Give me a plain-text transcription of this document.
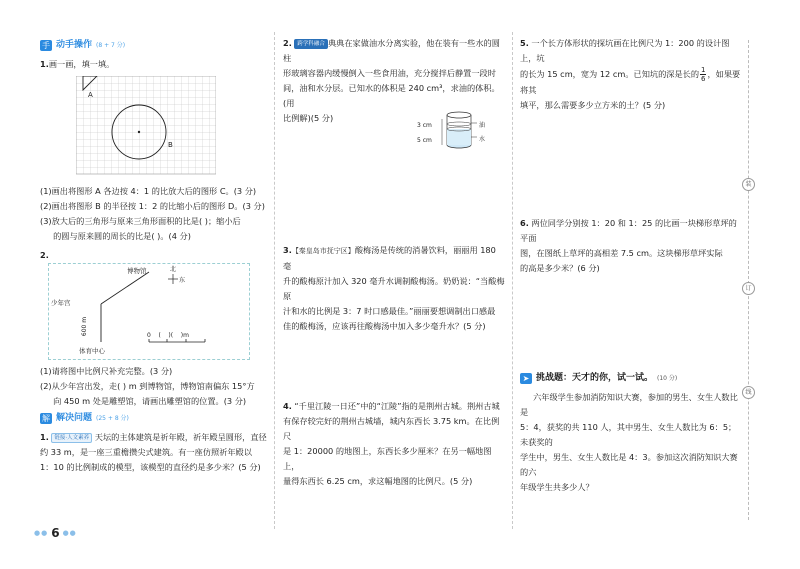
手 动手操作 (8 + 7 分)

1.画一画，填一填。

A
B

(1)画出将图形 A 各边按 4：1 的比放大后的图形 C。(3 分)

(2)画出将图形 B 的半径按 1：2 的比缩小后的图形 D。(3 分)

(3)放大后的三角形与原来三角形面积的比是( )；缩小后

的圆与原来圆的周长的比是( )。(4 分)

2.

博物馆	北
东
少年宫
600 m
体育中心
0    (    )(    )m

(1)请将图中比例尺补充完整。(3 分)

(2)从少年宫出发，走( ) m 到博物馆，博物馆南偏东 15°方

向 450 m 处是雕塑馆，请画出雕塑馆的位置。(3 分)

解 解决问题 (25 + 8 分)

1. 链接·人文素养 天坛的主体建筑是祈年殿，祈年殿呈圆形，直径

约 33 m，是一座三重檐攒尖式建筑。有一座仿照祈年殿以

1：10 的比例制成的模型，该模型的直径约是多少米？(5 分)

2. 跨学科融合 典典在家做油水分离实验，他在装有一些水的圆柱

形玻璃容器内缓慢倒入一些食用油，充分搅拌后静置一段时

间，油和水分层。已知水的体积是 240 cm³，求油的体积。(用

比例解)(5 分)

3 cm
5 cm
油
水

3.【秦皇岛市抚宁区】酸梅汤是传统的消暑饮料，丽丽用 180 毫

升的酸梅原汁加入 320 毫升水调制酸梅汤。奶奶说：“当酸梅原

汁和水的比例是 3：7 时口感最佳。”丽丽要想调制出口感最

佳的酸梅汤，应该再往酸梅汤中加入多少毫升水？(5 分)

4. “千里江陵一日还”中的“江陵”指的是荆州古城。荆州古城

有保存较完好的荆州古城墙，城内东西长 3.75 km。在比例尺

是 1：20000 的地图上，东西长多少厘米？在另一幅地图上，

量得东西长 6.25 cm，求这幅地图的比例尺。(5 分)

5. 一个长方体形状的探坑画在比例尺为 1：200 的设计图上，坑

的长为 15 cm，宽为 12 cm。已知坑的深是长的 $\frac{1}{6}$ ，如果要将其

填平，那么需要多少立方米的土？(5 分)

6. 两位同学分别按 1：20 和 1：25 的比画一块梯形草坪的平面

图，在图纸上草坪的高相差 7.5 cm。这块梯形草坪实际

的高是多少米？(6 分)

➤ 挑战题：天才的你，试一试。 (10 分)

六年级学生参加消防知识大赛，参加的男生、女生人数比是

5：4，获奖的共 110 人，其中男生、女生人数比为 6：5；未获奖的

学生中，男生、女生人数比是 4：3。参加这次消防知识大赛的六

年级学生共多少人？

装
订
线
●● 6 ●●
